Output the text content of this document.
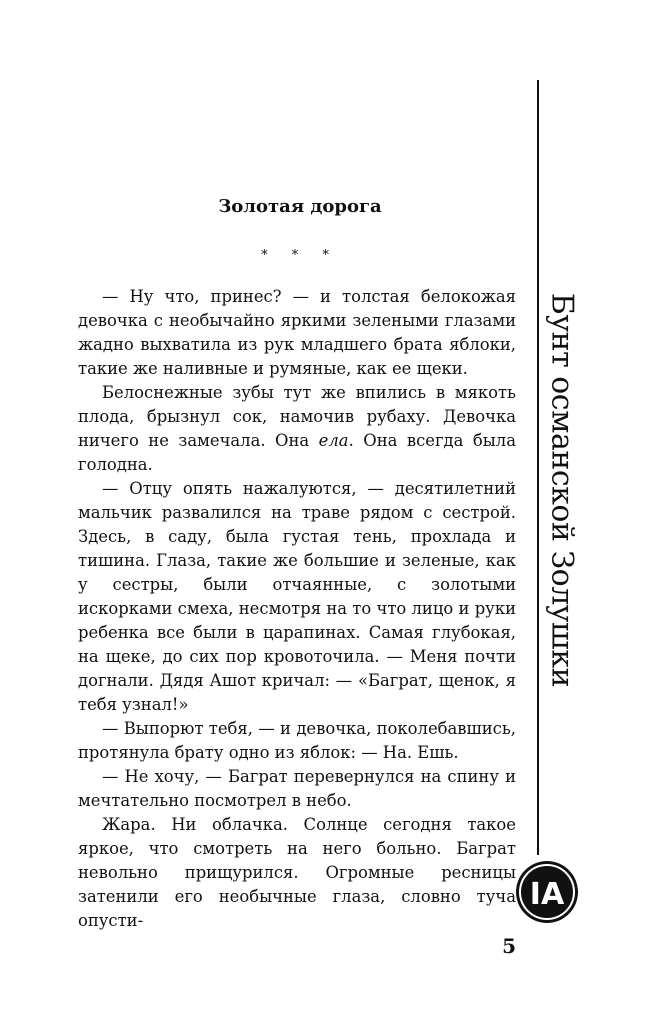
Золотая дорога
* * *

— Ну что, принес? — и толстая белокожая девочка с необычайно яркими зелеными глазами жадно выхватила из рук младшего брата яблоки, такие же наливные и румяные, как ее щеки.

Белоснежные зубы тут же впились в мякоть плода, брызнул сок, намочив рубаху. Девочка ничего не замечала. Она ела. Она всегда была голодна.

— Отцу опять нажалуются, — десятилетний мальчик развалился на траве рядом с сестрой. Здесь, в саду, была густая тень, прохлада и тишина. Глаза, такие же большие и зеленые, как у сестры, были отчаянные, с золотыми искорками смеха, несмотря на то что лицо и руки ребенка все были в царапинах. Самая глубокая, на щеке, до сих пор кровоточила. — Меня почти догнали. Дядя Ашот кричал: — «Баграт, щенок, я тебя узнал!»

— Выпорют тебя, — и девочка, поколебавшись, протянула брату одно из яблок: — На. Ешь.

— Не хочу, — Баграт перевернулся на спину и мечтательно посмотрел в небо.

Жара. Ни облачка. Солнце сегодня такое яркое, что смотреть на него больно. Баграт невольно прищурился. Огромные ресницы затенили его необычные глаза, словно туча опусти-

Бунт османской Золушки
IA
5
